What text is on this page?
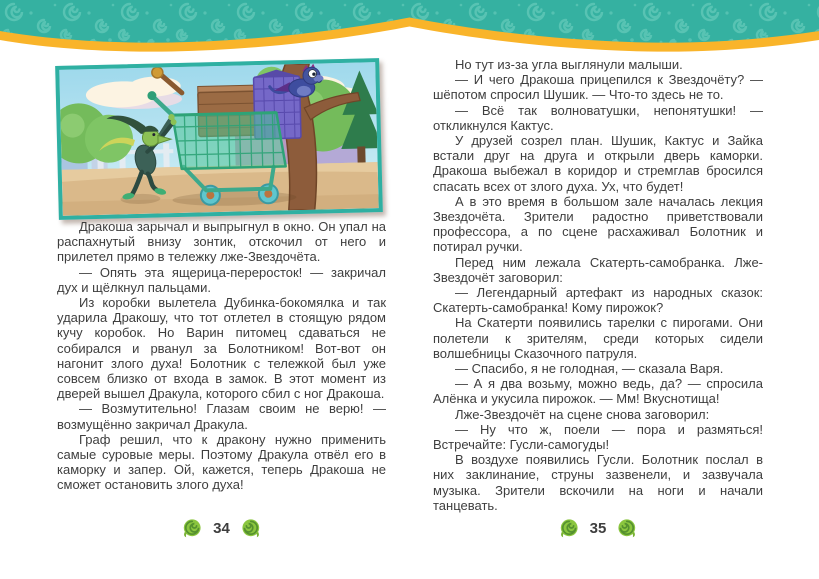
Дракоша зарычал и выпрыгнул в окно. Он упал на распахнутый внизу зонтик, отскочил от него и прилетел прямо в тележку лже-Звездочёта.

— Опять эта ящерица-переросток! — закричал дух и щёлкнул пальцами.

Из коробки вылетела Дубинка-бокомялка и так ударила Дракошу, что тот отлетел в стоящую рядом кучу коробок. Но Варин питомец сдаваться не собирался и рванул за Болотником! Вот-вот он нагонит злого духа! Болотник с тележкой был уже совсем близко от входа в замок. В этот момент из дверей вышел Дракула, которого сбил с ног Дракоша.

— Возмутительно! Глазам своим не верю! — возмущённо закричал Дракула.

Граф решил, что к дракону нужно применить самые суровые меры. Поэтому Дракула отвёл его в каморку и запер. Ой, кажется, теперь Дракоша не сможет остановить злого духа!

Но тут из-за угла выглянули малыши.

— И чего Дракоша прицепился к Звездочёту? — шёпотом спросил Шушик. — Что-то здесь не то.

— Всё так волноватушки, непонятушки! — откликнулся Кактус.

У друзей созрел план. Шушик, Кактус и Зайка встали друг на друга и открыли дверь каморки. Дракоша выбежал в коридор и стремглав бросился спасать всех от злого духа. Ух, что будет!

А в это время в большом зале началась лекция Звездочёта. Зрители радостно приветствовали профессора, а по сцене расхаживал Болотник и потирал ручки.

Перед ним лежала Скатерть-самобранка. Лже-Звездочёт заговорил:

— Легендарный артефакт из народных сказок: Скатерть-самобранка! Кому пирожок?

На Скатерти появились тарелки с пирогами. Они полетели к зрителям, среди которых сидели волшебницы Сказочного патруля.

— Спасибо, я не голодная, — сказала Варя.

— А я два возьму, можно ведь, да? — спросила Алёнка и укусила пирожок. — Мм! Вкуснотища!

Лже-Звездочёт на сцене снова заговорил:

— Ну что ж, поели — пора и размяться! Встречайте: Гусли-самогуды!

В воздухе появились Гусли. Болотник послал в них заклинание, струны зазвенели, и зазвучала музыка. Зрители вскочили на ноги и начали танцевать.

34	35
